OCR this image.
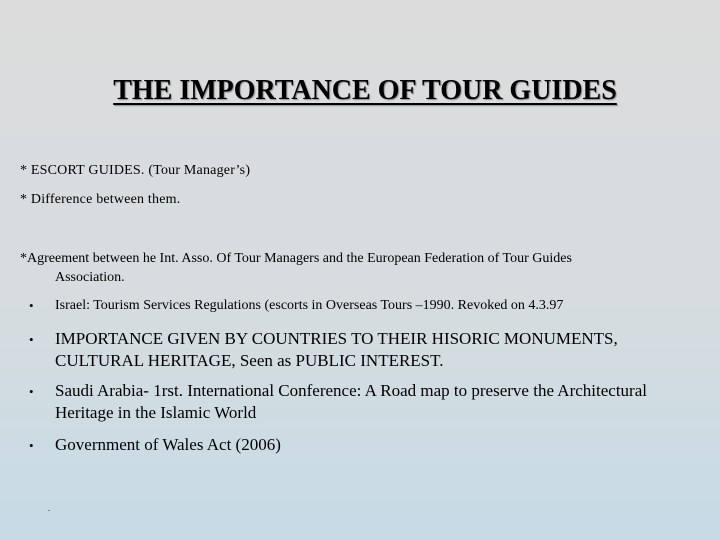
THE IMPORTANCE OF TOUR GUIDES
* ESCORT GUIDES. (Tour Manager’s)
* Difference between them.
*Agreement between he Int. Asso. Of Tour Managers and the European Federation of Tour Guides
Association.
• Israel: Tourism Services Regulations (escorts in Overseas Tours –1990. Revoked on 4.3.97
• IMPORTANCE GIVEN BY COUNTRIES TO THEIR HISORIC MONUMENTS, CULTURAL HERITAGE, Seen as PUBLIC INTEREST.
• Saudi Arabia- 1rst. International Conference: A Road map to preserve the Architectural Heritage in the Islamic World
• Government of Wales Act (2006)
.
